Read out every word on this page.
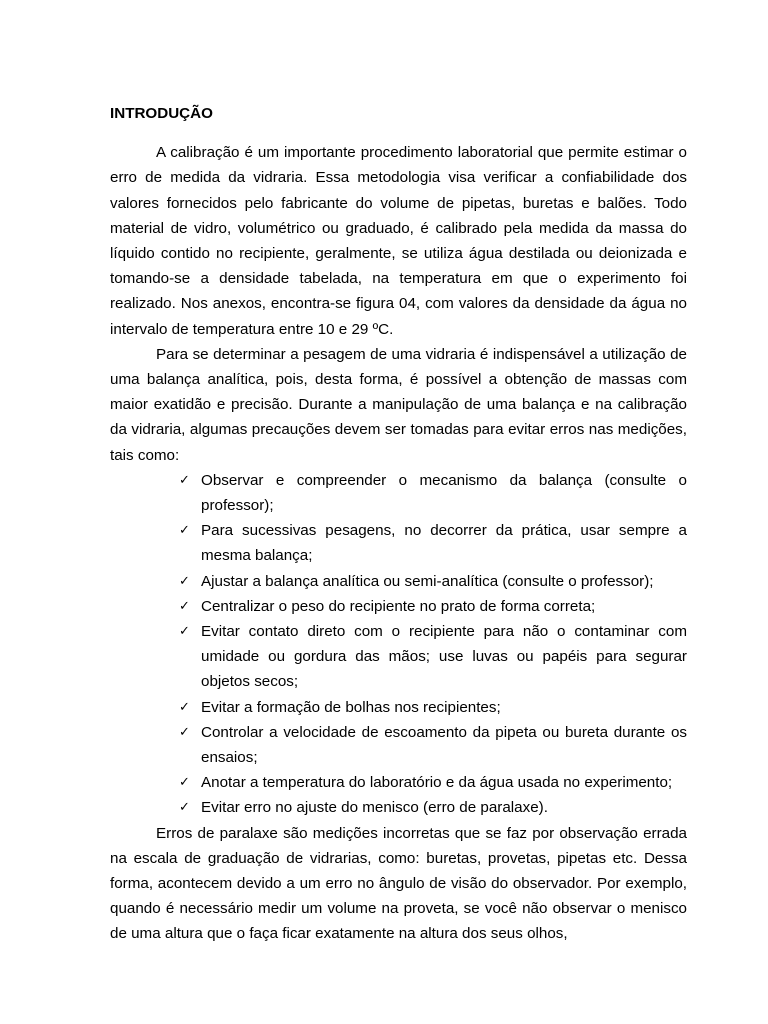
INTRODUÇÃO

A calibração é um importante procedimento laboratorial que permite estimar o erro de medida da vidraria. Essa metodologia visa verificar a confiabilidade dos valores fornecidos pelo fabricante do volume de pipetas, buretas e balões. Todo material de vidro, volumétrico ou graduado, é calibrado pela medida da massa do líquido contido no recipiente, geralmente, se utiliza água destilada ou deionizada e tomando-se a densidade tabelada, na temperatura em que o experimento foi realizado. Nos anexos, encontra-se figura 04, com valores da densidade da água no intervalo de temperatura entre 10 e 29 ºC.

Para se determinar a pesagem de uma vidraria é indispensável a utilização de uma balança analítica, pois, desta forma, é possível a obtenção de massas com maior exatidão e precisão. Durante a manipulação de uma balança e na calibração da vidraria, algumas precauções devem ser tomadas para evitar erros nas medições, tais como:

✓ Observar e compreender o mecanismo da balança (consulte o professor);
✓ Para sucessivas pesagens, no decorrer da prática, usar sempre a mesma balança;
✓ Ajustar a balança analítica ou semi-analítica (consulte o professor);
✓ Centralizar o peso do recipiente no prato de forma correta;
✓ Evitar contato direto com o recipiente para não o contaminar com umidade ou gordura das mãos; use luvas ou papéis para segurar objetos secos;
✓ Evitar a formação de bolhas nos recipientes;
✓ Controlar a velocidade de escoamento da pipeta ou bureta durante os ensaios;
✓ Anotar a temperatura do laboratório e da água usada no experimento;
✓ Evitar erro no ajuste do menisco (erro de paralaxe).

Erros de paralaxe são medições incorretas que se faz por observação errada na escala de graduação de vidrarias, como: buretas, provetas, pipetas etc. Dessa forma, acontecem devido a um erro no ângulo de visão do observador. Por exemplo, quando é necessário medir um volume na proveta, se você não observar o menisco de uma altura que o faça ficar exatamente na altura dos seus olhos,
